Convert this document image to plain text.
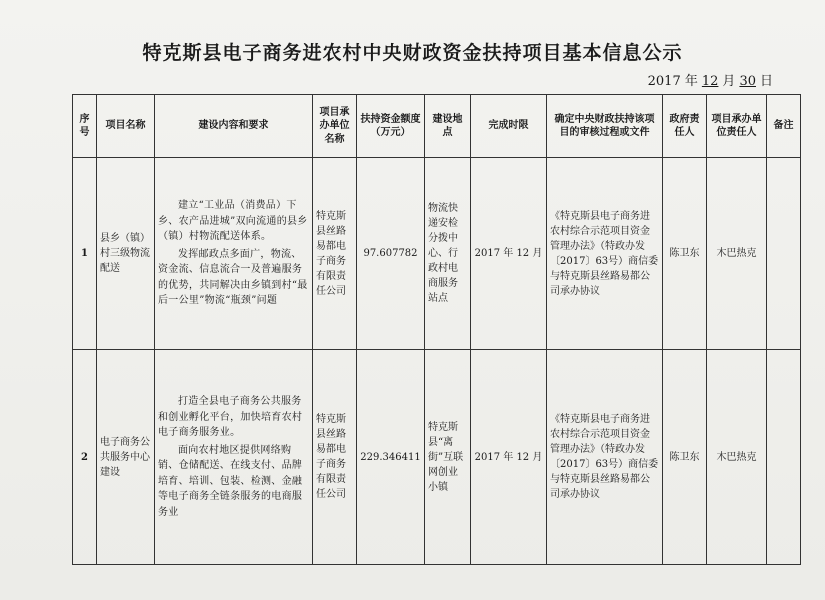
特克斯县电子商务进农村中央财政资金扶持项目基本信息公示
2017 年 12 月 30 日
序号	项目名称	建设内容和要求	项目承办单位名称	扶持资金额度（万元）	建设地点	完成时限	确定中央财政扶持该项目的审核过程或文件	政府责任人	项目承办单位责任人	备注
1	县乡（镇）村三级物流配送	建立“工业品（消费品）下乡、农产品进城”双向流通的县乡（镇）村物流配送体系。

发挥邮政点多面广，物流、资金流、信息流合一及普遍服务的优势，共同解决由乡镇到村“最后一公里”物流“瓶颈”问题	特克斯县丝路易都电子商务有限责任公司	97.607782	物流快递安检分拨中心、行政村电商服务站点	2017 年 12 月	《特克斯县电子商务进农村综合示范项目资金管理办法》（特政办发〔2017〕63号）商信委与特克斯县丝路易都公司承办协议	陈卫东	木巴热克	
2	电子商务公共服务中心建设	打造全县电子商务公共服务和创业孵化平台，加快培育农村电子商务服务业。

面向农村地区提供网络购销、仓储配送、在线支付、品牌培育、培训、包装、检测、金融等电子商务全链条服务的电商服务业	特克斯县丝路易都电子商务有限责任公司	229.346411	特克斯县“离街”互联网创业小镇	2017 年 12 月	《特克斯县电子商务进农村综合示范项目资金管理办法》（特政办发〔2017〕63号）商信委与特克斯县丝路易都公司承办协议	陈卫东	木巴热克	
